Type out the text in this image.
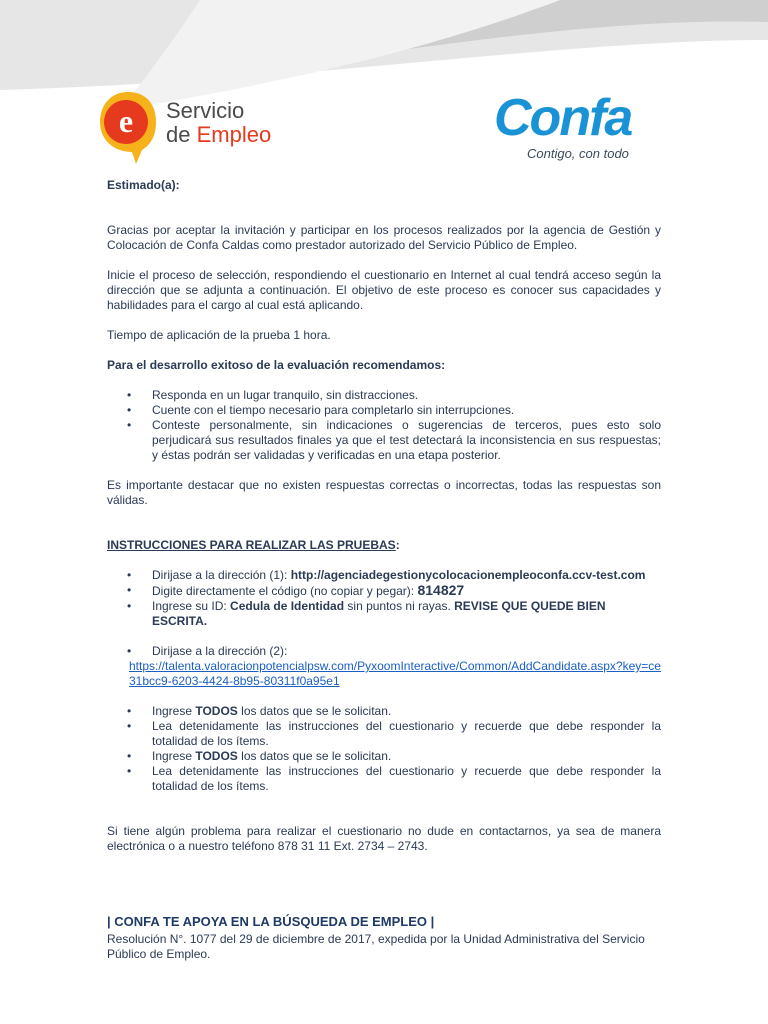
e Servicio
de Empleo	Confa
Contigo, con todo

Estimado(a):

Gracias por aceptar la invitación y participar en los procesos realizados por la agencia de Gestión y Colocación de Confa Caldas como prestador autorizado del Servicio Público de Empleo.

Inicie el proceso de selección, respondiendo el cuestionario en Internet al cual tendrá acceso según la dirección que se adjunta a continuación. El objetivo de este proceso es conocer sus capacidades y habilidades para el cargo al cual está aplicando.

Tiempo de aplicación de la prueba 1 hora.

Para el desarrollo exitoso de la evaluación recomendamos:

• Responda en un lugar tranquilo, sin distracciones.
• Cuente con el tiempo necesario para completarlo sin interrupciones.
• Conteste personalmente, sin indicaciones o sugerencias de terceros, pues esto solo perjudicará sus resultados finales ya que el test detectará la inconsistencia en sus respuestas; y éstas podrán ser validadas y verificadas en una etapa posterior.

Es importante destacar que no existen respuestas correctas o incorrectas, todas las respuestas son válidas.

INSTRUCCIONES PARA REALIZAR LAS PRUEBAS:

• Dirijase a la dirección (1): http://agenciadegestionycolocacionempleoconfa.ccv-test.com
• Digite directamente el código (no copiar y pegar): 814827
• Ingrese su ID: Cedula de Identidad sin puntos ni rayas. REVISE QUE QUEDE BIEN ESCRITA.
• Dirijase a la dirección (2):

https://talenta.valoracionpotencialpsw.com/PyxoomInteractive/Common/AddCandidate.aspx?key=ce31bcc9-6203-4424-8b95-80311f0a95e1

• Ingrese TODOS los datos que se le solicitan.
• Lea detenidamente las instrucciones del cuestionario y recuerde que debe responder la totalidad de los ítems.
• Ingrese TODOS los datos que se le solicitan.
• Lea detenidamente las instrucciones del cuestionario y recuerde que debe responder la totalidad de los ítems.

Si tiene algún problema para realizar el cuestionario no dude en contactarnos, ya sea de manera electrónica o a nuestro teléfono 878 31 11 Ext. 2734 – 2743.

| CONFA TE APOYA EN LA BÚSQUEDA DE EMPLEO |

Resolución N°. 1077 del 29 de diciembre de 2017, expedida por la Unidad Administrativa del Servicio Público de Empleo.
